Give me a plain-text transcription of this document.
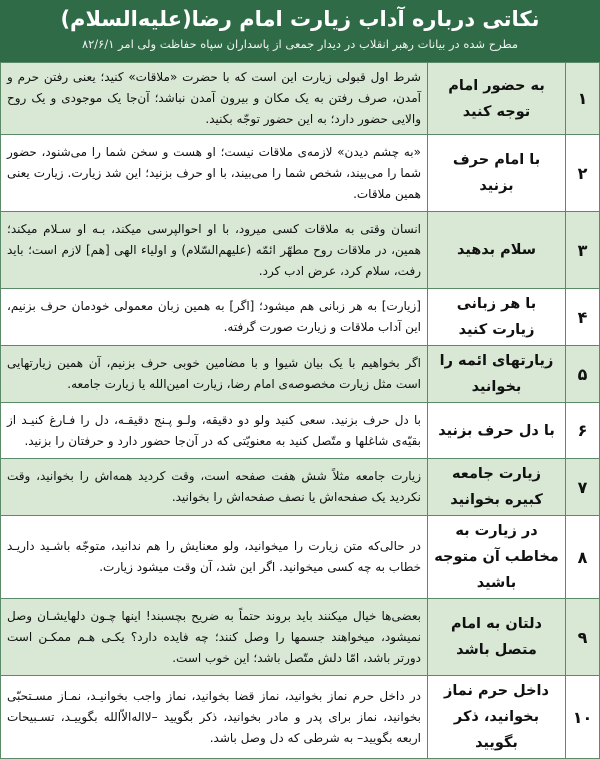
نکاتی درباره آداب زیارت امام رضا(علیه‌السلام)
مطرح شده در بیانات رهبر انقلاب در دیدار جمعی از پاسداران سپاه حفاظت ولی امر ۸۲/۶/۱
۱	به حضور امام توجه کنید	شرط اول قبولی زیارت این است که با حضرت «ملاقات» کنید؛ یعنی رفتن حرم و آمدن، صرف رفتن به یک مکان و بیرون آمدن نباشد؛ آن‌جا یک موجودی و یک روح والایی حضور دارد؛ به این حضور توجّه بکنید.
۲	با امام حرف بزنید	«به چشم دیدن» لازمه‌ی ملاقات نیست؛ او هست و سخن شما را می‌شنود، حضور شما را می‌بیند، شخص شما را می‌بیند، با او حرف بزنید؛ این شد زیارت. زیارت یعنی همین ملاقات.
۳	سلام بدهید	انسان وقتی به ملاقات کسی میرود، با او احوالپرسی میکند، بـه او سـلام میکند؛ همین، در ملاقات روح مطهّر ائمّه (علیهم‌السّلام) و اولیاء الهی [هم] لازم است؛ باید رفت، سلام کرد، عرض ادب کرد.
۴	با هر زبانی زیارت کنید	[زیارت] به هر زبانی هم میشود؛ [اگر] به همین زبان معمولی خودمان حرف بزنیم، این آداب ملاقات و زیارت صورت گرفته.
۵	زیارتهای ائمه را بخوانید	اگر بخواهیم با یک بیان شیوا و با مضامین خوبی حرف بزنیم، آن همین زیارتهایی است مثل زیارت مخصوصه‌ی امام رضا، زیارت امین‌الله یا زیارت جامعه.
۶	با دل حرف بزنید	با دل حرف بزنید. سعی کنید ولو دو دقیقه، ولـو پـنج دقیقـه، دل را فـارغ کنیـد از بقیّه‌ی شاغلها و متّصل کنید به معنویّتی که در آن‌جا حضور دارد و حرفتان را بزنید.
۷	زیارت جامعه کبیره بخوانید	زیارت جامعه مثلاً شش هفت صفحه است، وقت کردید همه‌اش را بخوانید، وقت نکردید یک صفحه‌اش یا نصف صفحه‌اش را بخوانید.
۸	در زیارت به مخاطب آن متوجه باشید	در حالی‌که متن زیارت را میخوانید، ولو معنایش را هم ندانید، متوجّه باشـید داریـد خطاب به چه کسی میخوانید. اگر این شد، آن وقت میشود زیارت.
۹	دلتان به امام متصل باشد	بعضی‌ها خیال میکنند باید بروند حتماً به ضریح بچسبند! اینها چـون دلهایشـان وصل نمیشود، میخواهند جسمها را وصل کنند؛ چه فایده دارد؟ یکـی هـم ممکـن است دورتر باشد، امّا دلش متّصل باشد؛ این خوب است.
۱۰	داخل حرم نماز بخوانید، ذکر بگویید	در داخل حرم نماز بخوانید، نماز قضا بخوانید، نماز واجب بخوانیـد، نمـاز مسـتحبّی بخوانید، نماز برای پدر و مادر بخوانید، ذکر بگویید –لااله‌الاّالله بگوییـد، تسـبیحات اربعه بگویید– به شرطی که دل وصل باشد.
